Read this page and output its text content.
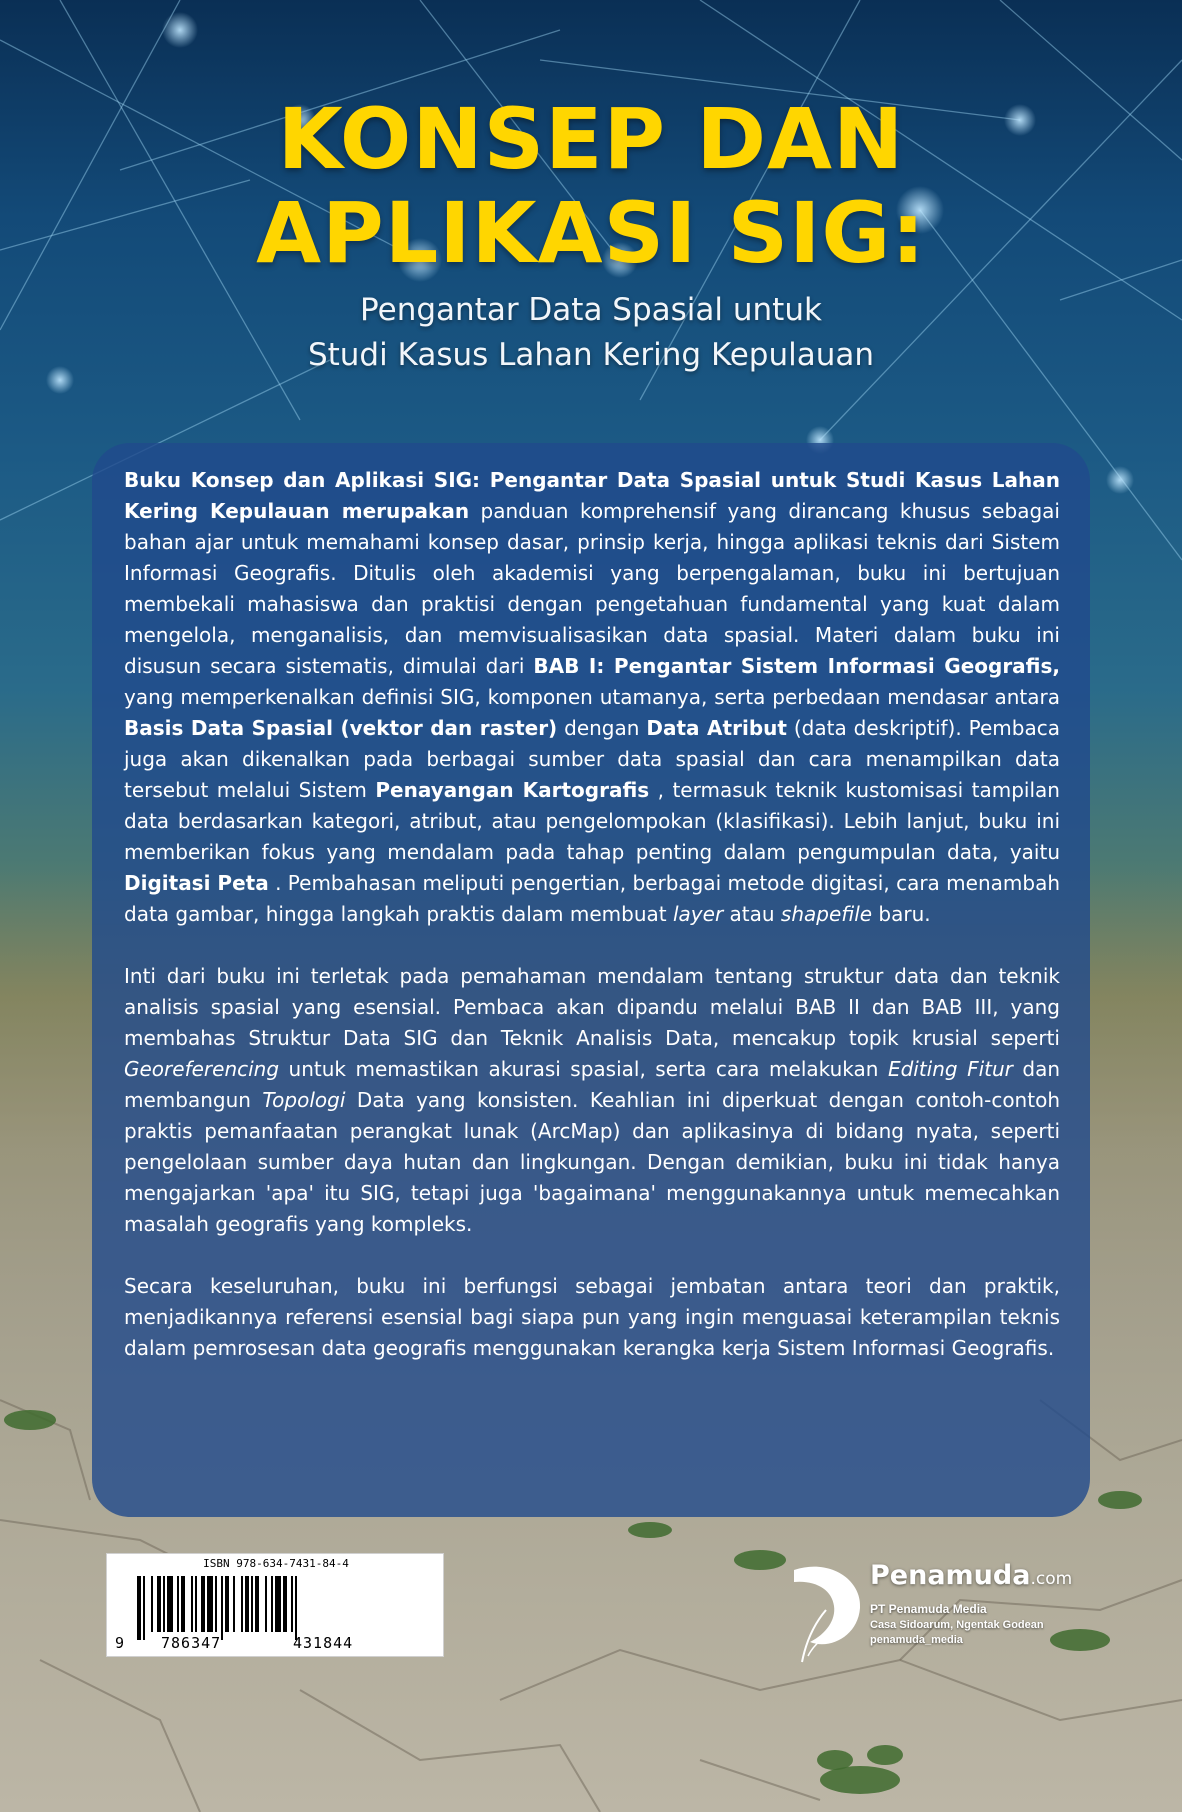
KONSEP DAN
APLIKASI SIG:
Pengantar Data Spasial untuk
Studi Kasus Lahan Kering Kepulauan

Buku Konsep dan Aplikasi SIG: Pengantar Data Spasial untuk Studi Kasus Lahan Kering Kepulauan merupakan panduan komprehensif yang dirancang khusus sebagai bahan ajar untuk memahami konsep dasar, prinsip kerja, hingga aplikasi teknis dari Sistem Informasi Geografis. Ditulis oleh akademisi yang berpengalaman, buku ini bertujuan membekali mahasiswa dan praktisi dengan pengetahuan fundamental yang kuat dalam mengelola, menganalisis, dan memvisualisasikan data spasial. Materi dalam buku ini disusun secara sistematis, dimulai dari BAB I: Pengantar Sistem Informasi Geografis, yang memperkenalkan definisi SIG, komponen utamanya, serta perbedaan mendasar antara Basis Data Spasial (vektor dan raster) dengan Data Atribut (data deskriptif). Pembaca juga akan dikenalkan pada berbagai sumber data spasial dan cara menampilkan data tersebut melalui Sistem Penayangan Kartografis , termasuk teknik kustomisasi tampilan data berdasarkan kategori, atribut, atau pengelompokan (klasifikasi). Lebih lanjut, buku ini memberikan fokus yang mendalam pada tahap penting dalam pengumpulan data, yaitu Digitasi Peta . Pembahasan meliputi pengertian, berbagai metode digitasi, cara menambah data gambar, hingga langkah praktis dalam membuat layer atau shapefile baru.

Inti dari buku ini terletak pada pemahaman mendalam tentang struktur data dan teknik analisis spasial yang esensial. Pembaca akan dipandu melalui BAB II dan BAB III, yang membahas Struktur Data SIG dan Teknik Analisis Data, mencakup topik krusial seperti Georeferencing untuk memastikan akurasi spasial, serta cara melakukan Editing Fitur dan membangun Topologi Data yang konsisten. Keahlian ini diperkuat dengan contoh-contoh praktis pemanfaatan perangkat lunak (ArcMap) dan aplikasinya di bidang nyata, seperti pengelolaan sumber daya hutan dan lingkungan. Dengan demikian, buku ini tidak hanya mengajarkan 'apa' itu SIG, tetapi juga 'bagaimana' menggunakannya untuk memecahkan masalah geografis yang kompleks.

Secara keseluruhan, buku ini berfungsi sebagai jembatan antara teori dan praktik, menjadikannya referensi esensial bagi siapa pun yang ingin menguasai keterampilan teknis dalam pemrosesan data geografis menggunakan kerangka kerja Sistem Informasi Geografis.

ISBN 978-634-7431-84-4
9 786347	431844
Penamuda.com
PT Penamuda Media
Casa Sidoarum, Ngentak Godean
penamuda_media
